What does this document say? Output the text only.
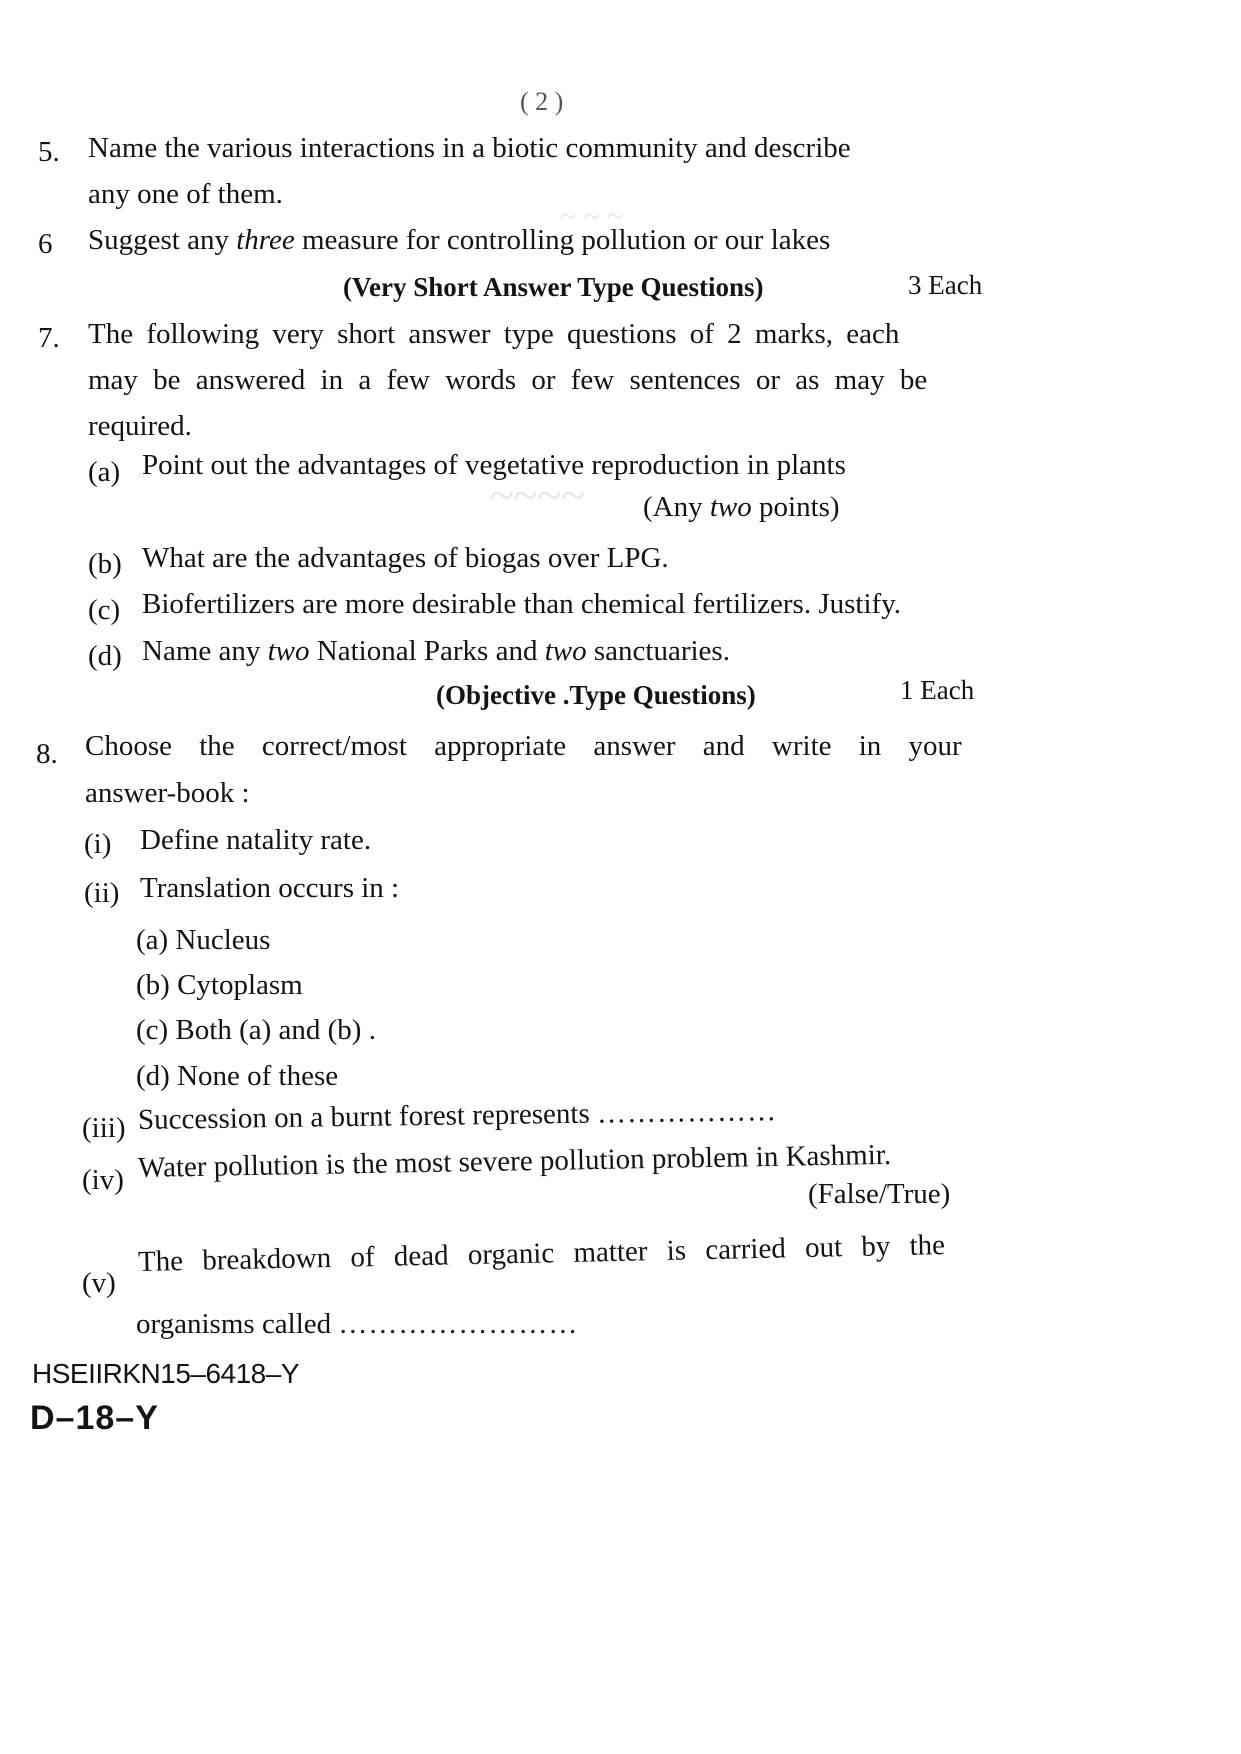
~ ~ ~
~~~~
( 2 )
5. Name the various interactions in a biotic community and describe
any one of them.
6 Suggest any three measure for controlling pollution or our lakes
(Very Short Answer Type Questions)	3 Each
7. The following very short answer type questions of 2 marks, each
may be answered in a few words or few sentences or as may be
required.
(a) Point out the advantages of vegetative reproduction in plants
(Any two points)
(b) What are the advantages of biogas over LPG.
(c) Biofertilizers are more desirable than chemical fertilizers. Justify.
(d) Name any two National Parks and two sanctuaries.
(Objective .Type Questions)	1 Each
8. Choose the correct/most appropriate answer and write in your
answer-book :
(i) Define natality rate.
(ii) Translation occurs in :
(a) Nucleus
(b) Cytoplasm
(c) Both (a) and (b) .
(d) None of these
(iii) Succession on a burnt forest represents ………………
(iv) Water pollution is the most severe pollution problem in Kashmir.
(False/True)
(v)
The breakdown of dead organic matter is carried out by the
organisms called ……………………
HSEIIRKN15–6418–Y
D–18–Y
